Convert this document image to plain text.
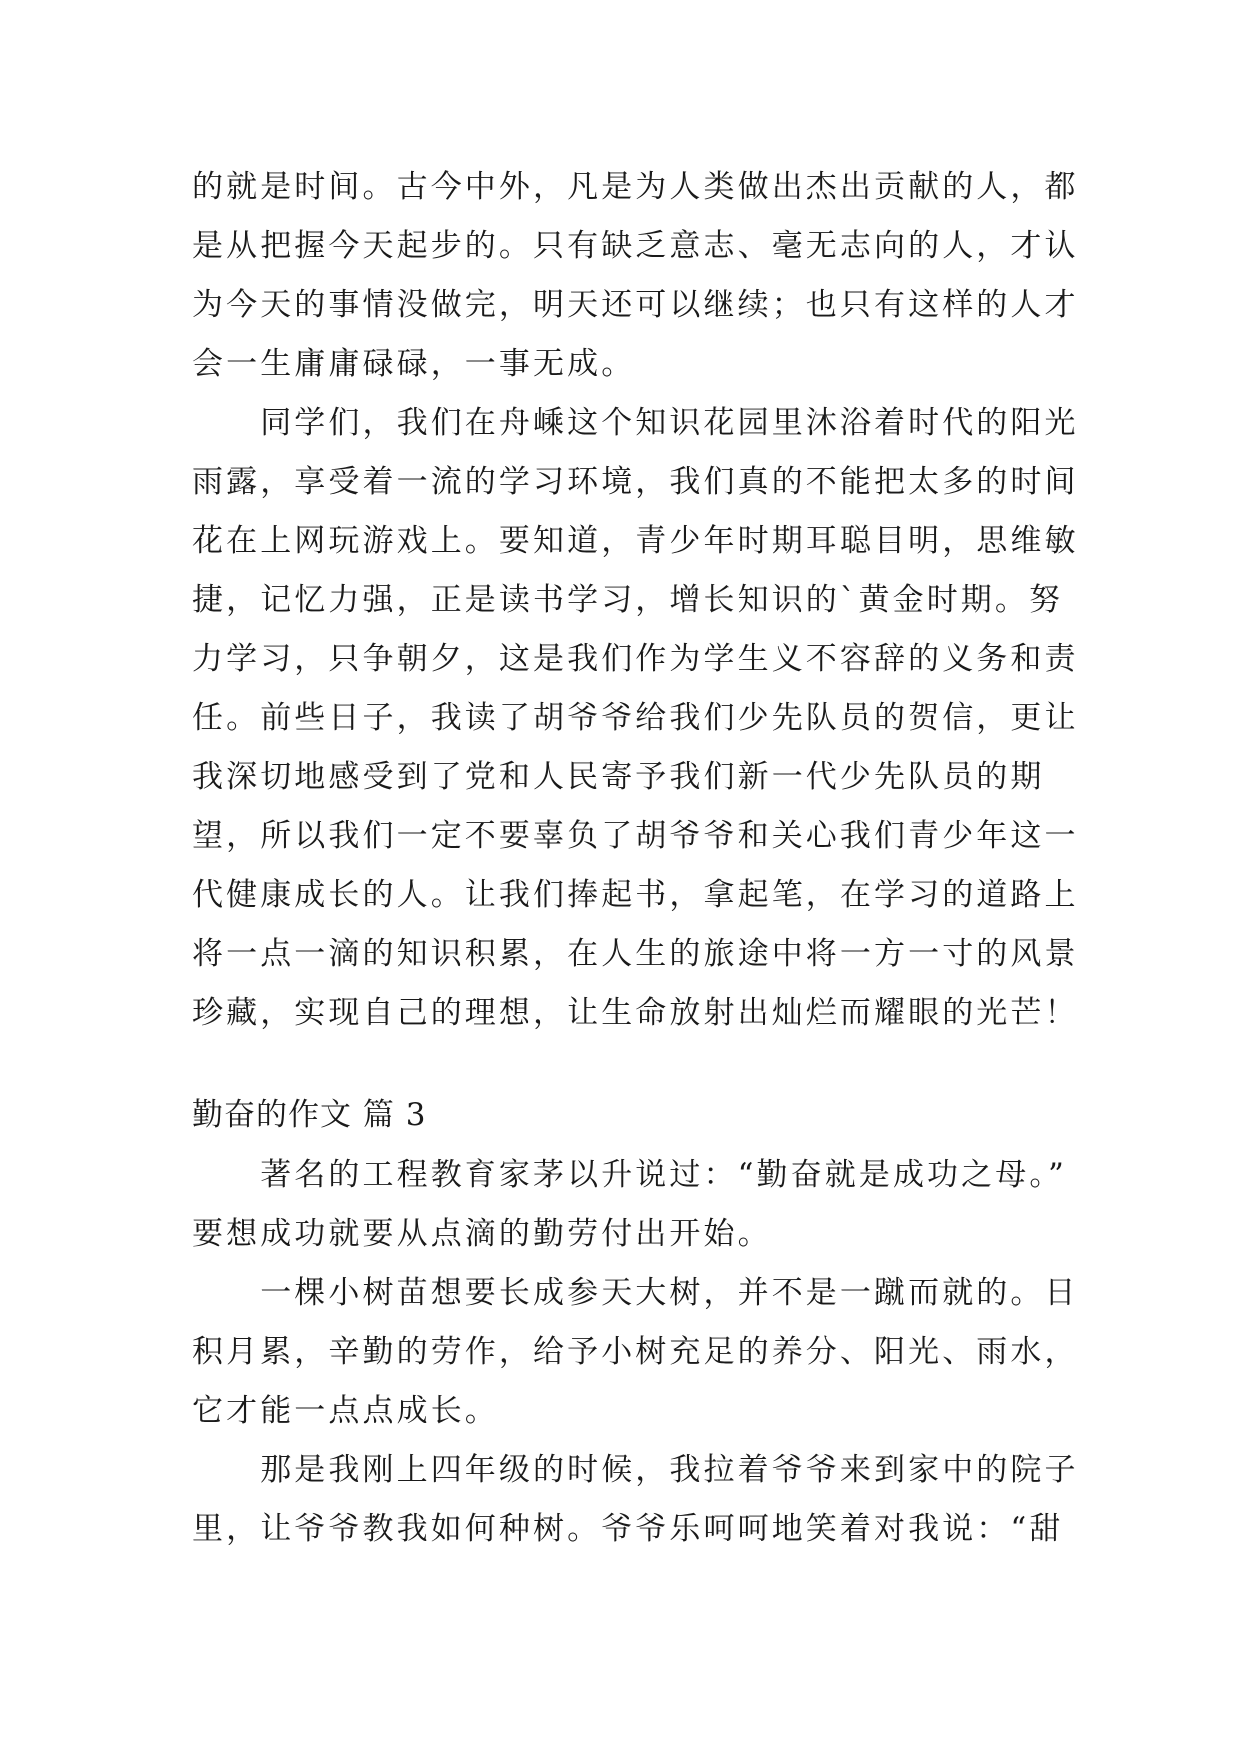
的就是时间。古今中外，凡是为人类做出杰出贡献的人，都
是从把握今天起步的。只有缺乏意志、毫无志向的人，才认
为今天的事情没做完，明天还可以继续；也只有这样的人才
会一生庸庸碌碌，一事无成。
　　同学们，我们在舟嵊这个知识花园里沐浴着时代的阳光
雨露，享受着一流的学习环境，我们真的不能把太多的时间
花在上网玩游戏上。要知道，青少年时期耳聪目明，思维敏
捷，记忆力强，正是读书学习，增长知识的`黄金时期。努
力学习，只争朝夕，这是我们作为学生义不容辞的义务和责
任。前些日子，我读了胡爷爷给我们少先队员的贺信，更让
我深切地感受到了党和人民寄予我们新一代少先队员的期
望，所以我们一定不要辜负了胡爷爷和关心我们青少年这一
代健康成长的人。让我们捧起书，拿起笔，在学习的道路上
将一点一滴的知识积累，在人生的旅途中将一方一寸的风景
珍藏，实现自己的理想，让生命放射出灿烂而耀眼的光芒！
勤奋的作文 篇 3
　　著名的工程教育家茅以升说过：“勤奋就是成功之母。”
要想成功就要从点滴的勤劳付出开始。
　　一棵小树苗想要长成参天大树，并不是一蹴而就的。日
积月累，辛勤的劳作，给予小树充足的养分、阳光、雨水，
它才能一点点成长。
　　那是我刚上四年级的时候，我拉着爷爷来到家中的院子
里，让爷爷教我如何种树。爷爷乐呵呵地笑着对我说：“甜
